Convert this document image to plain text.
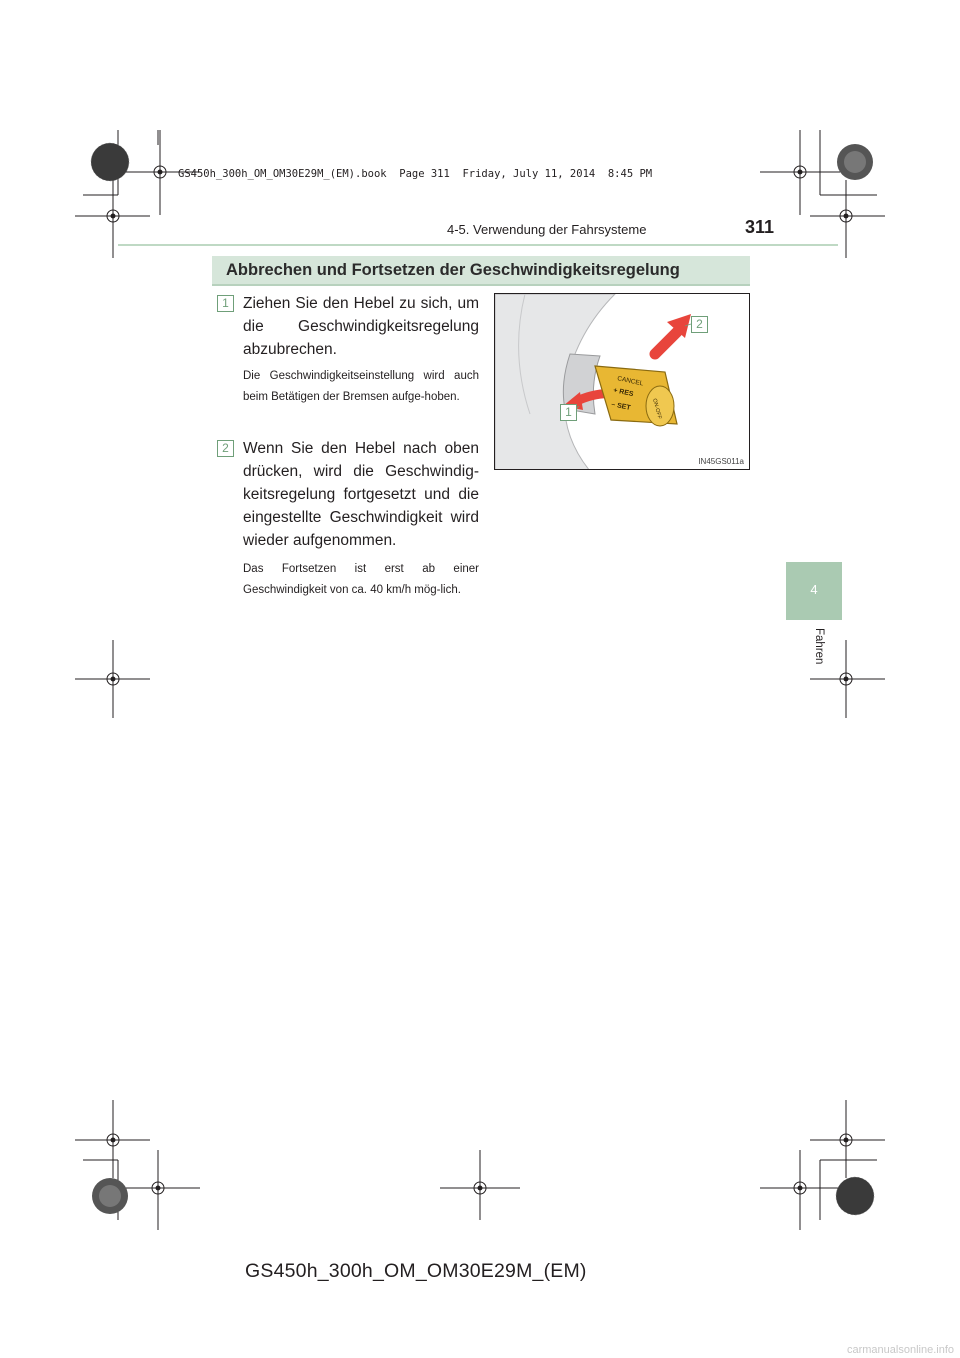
GS450h_300h_OM_OM30E29M_(EM).book  Page 311  Friday, July 11, 2014  8:45 PM
4-5. Verwendung der Fahrsysteme	311
4
Fahren
Abbrechen und Fortsetzen der Geschwindigkeitsregelung
1 Ziehen Sie den Hebel zu sich, um die Geschwindigkeitsregelung abzubrechen.
Die Geschwindigkeitseinstellung wird auch beim Betätigen der Bremsen aufge-hoben.
2 Wenn Sie den Hebel nach oben drücken, wird die Geschwindig-keitsregelung fortgesetzt und die eingestellte Geschwindigkeit wird wieder aufgenommen.
Das Fortsetzen ist erst ab einer Geschwindigkeit von ca. 40 km/h mög-lich.
CANCEL
+ RES
– SET	ON·OFF
1
2
IN45GS011a
GS450h_300h_OM_OM30E29M_(EM)
carmanualsonline.info
